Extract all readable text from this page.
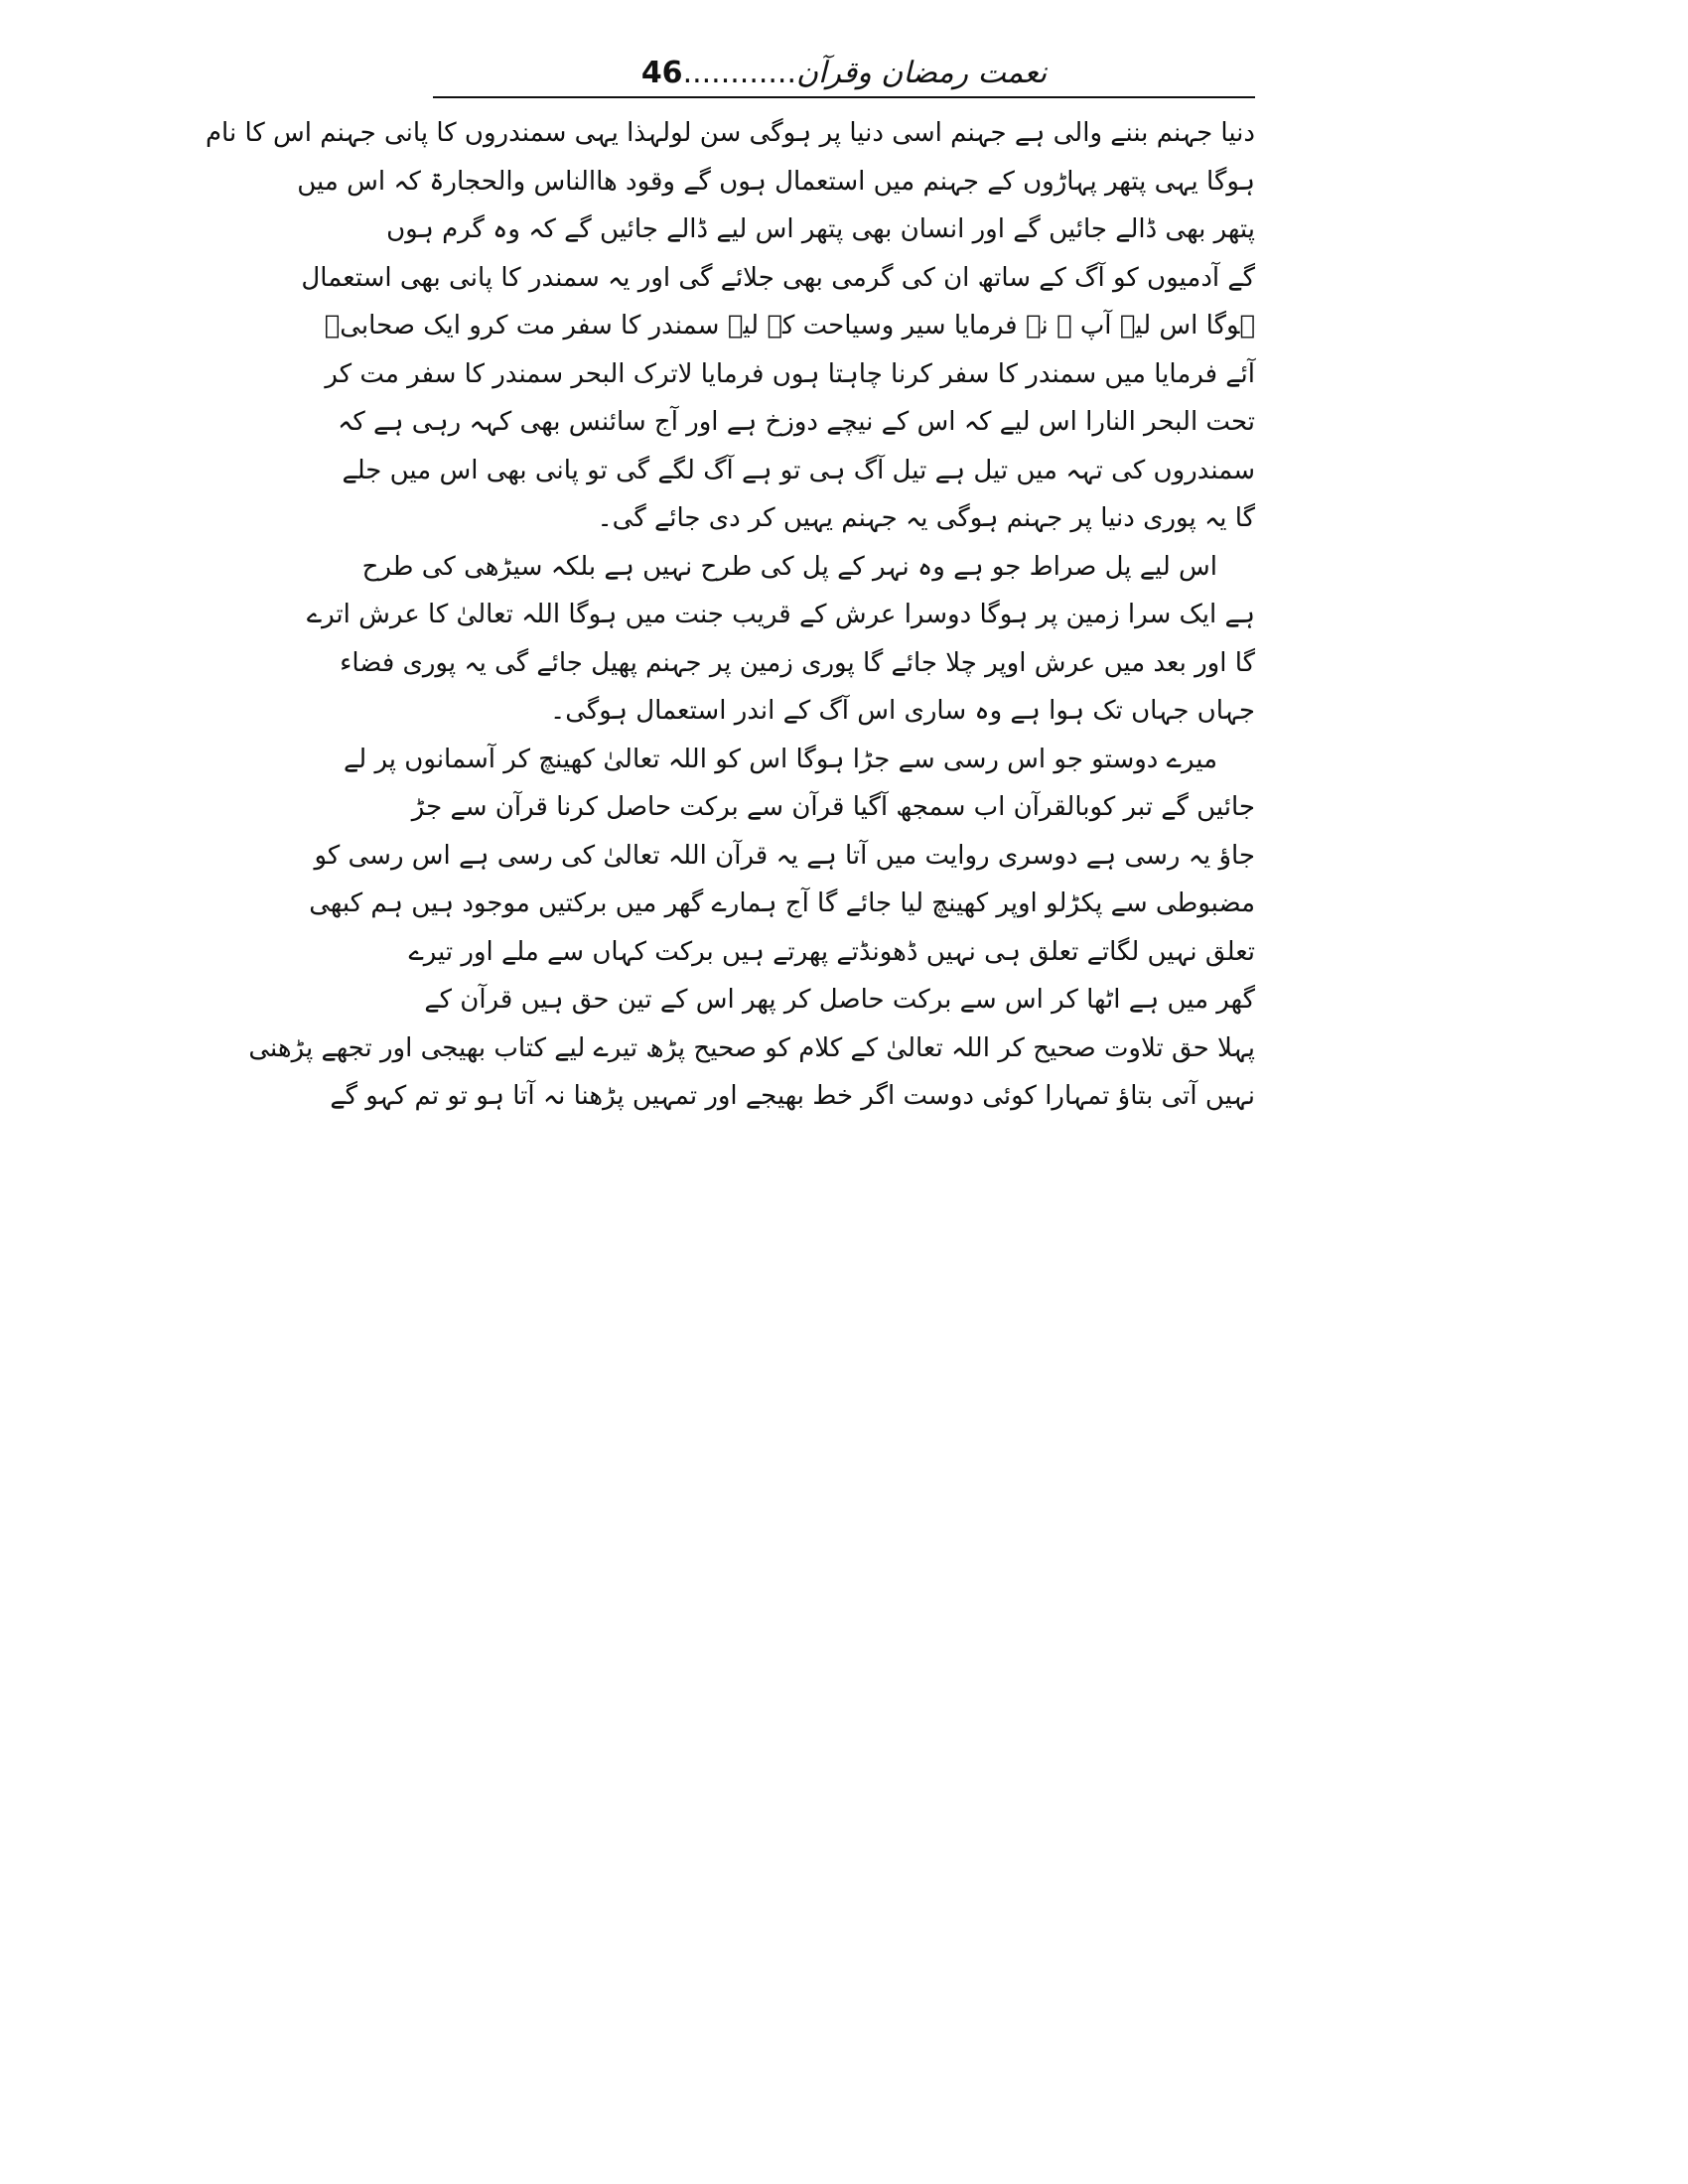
نعمت رمضان وقرآن............46
دنیا جہنم بننے والی ہے جہنم اسی دنیا پر ہوگی سن لولہذا یہی سمندروں کا پانی جہنم اس کا نام
ہوگا یہی پتھر پہاڑوں کے جہنم میں استعمال ہوں گے وقود ھاالناس والحجارۃ کہ اس میں
پتھر بھی ڈالے جائیں گے اور انسان بھی پتھر اس لیے ڈالے جائیں گے کہ وہ گرم ہوں
گے آدمیوں کو آگ کے ساتھ ان کی گرمی بھی جلائے گی اور یہ سمندر کا پانی بھی استعمال
ہوگا اس لیے آپ ﷺ نے فرمایا سیر وسیاحت کے لیے سمندر کا سفر مت کرو ایک صحابیؓ
آئے فرمایا میں سمندر کا سفر کرنا چاہتا ہوں فرمایا لاترک البحر سمندر کا سفر مت کر
تحت البحر النارا اس لیے کہ اس کے نیچے دوزخ ہے اور آج سائنس بھی کہہ رہی ہے کہ
سمندروں کی تہہ میں تیل ہے تیل آگ ہی تو ہے آگ لگے گی تو پانی بھی اس میں جلے
گا یہ پوری دنیا پر جہنم ہوگی یہ جہنم یہیں کر دی جائے گی۔
اس لیے پل صراط جو ہے وہ نہر کے پل کی طرح نہیں ہے بلکہ سیڑھی کی طرح
ہے ایک سرا زمین پر ہوگا دوسرا عرش کے قریب جنت میں ہوگا اللہ تعالیٰ کا عرش اترے
گا اور بعد میں عرش اوپر چلا جائے گا پوری زمین پر جہنم پھیل جائے گی یہ پوری فضاء
جہاں جہاں تک ہوا ہے وہ ساری اس آگ کے اندر استعمال ہوگی۔
میرے دوستو جو اس رسی سے جڑا ہوگا اس کو اللہ تعالیٰ کھینچ کر آسمانوں پر لے
جائیں گے تبر کوبالقرآن اب سمجھ آگیا قرآن سے برکت حاصل کرنا قرآن سے جڑ
جاؤ یہ رسی ہے دوسری روایت میں آتا ہے یہ قرآن اللہ تعالیٰ کی رسی ہے اس رسی کو
مضبوطی سے پکڑلو اوپر کھینچ لیا جائے گا آج ہمارے گھر میں برکتیں موجود ہیں ہم کبھی
تعلق نہیں لگاتے تعلق ہی نہیں ڈھونڈتے پھرتے ہیں برکت کہاں سے ملے اور تیرے
گھر میں ہے اٹھا کر اس سے برکت حاصل کر پھر اس کے تین حق ہیں قرآن کے
پہلا حق تلاوت صحیح کر اللہ تعالیٰ کے کلام کو صحیح پڑھ تیرے لیے کتاب بھیجی اور تجھے پڑھنی
نہیں آتی بتاؤ تمہارا کوئی دوست اگر خط بھیجے اور تمہیں پڑھنا نہ آتا ہو تو تم کہو گے
